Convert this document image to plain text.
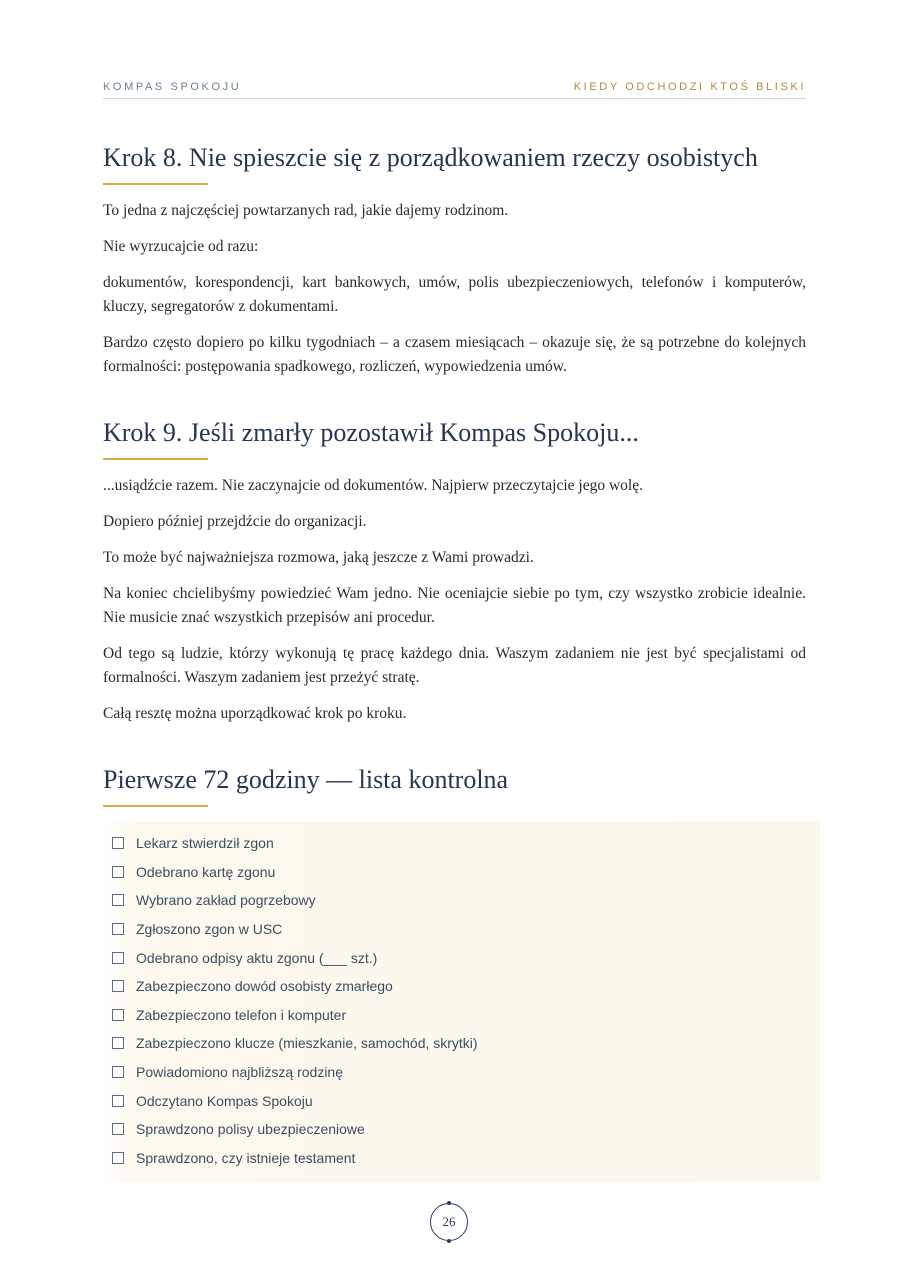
KOMPAS SPOKOJU	KIEDY ODCHODZI KTOŚ BLISKI
Krok 8. Nie spieszcie się z porządkowaniem rzeczy osobistych

To jedna z najczęściej powtarzanych rad, jakie dajemy rodzinom.

Nie wyrzucajcie od razu:

dokumentów, korespondencji, kart bankowych, umów, polis ubezpieczeniowych, telefonów i komputerów, kluczy, segregatorów z dokumentami.

Bardzo często dopiero po kilku tygodniach – a czasem miesiącach – okazuje się, że są potrzebne do kolejnych formalności: postępowania spadkowego, rozliczeń, wypowiedzenia umów.

Krok 9. Jeśli zmarły pozostawił Kompas Spokoju...

...usiądźcie razem. Nie zaczynajcie od dokumentów. Najpierw przeczytajcie jego wolę.

Dopiero później przejdźcie do organizacji.

To może być najważniejsza rozmowa, jaką jeszcze z Wami prowadzi.

Na koniec chcielibyśmy powiedzieć Wam jedno. Nie oceniajcie siebie po tym, czy wszystko zrobicie idealnie. Nie musicie znać wszystkich przepisów ani procedur.

Od tego są ludzie, którzy wykonują tę pracę każdego dnia. Waszym zadaniem nie jest być specjalistami od formalności. Waszym zadaniem jest przeżyć stratę.

Całą resztę można uporządkować krok po kroku.

Pierwsze 72 godziny — lista kontrolna
Lekarz stwierdził zgon
Odebrano kartę zgonu
Wybrano zakład pogrzebowy
Zgłoszono zgon w USC
Odebrano odpisy aktu zgonu (___ szt.)
Zabezpieczono dowód osobisty zmarłego
Zabezpieczono telefon i komputer
Zabezpieczono klucze (mieszkanie, samochód, skrytki)
Powiadomiono najbliższą rodzinę
Odczytano Kompas Spokoju
Sprawdzono polisy ubezpieczeniowe
Sprawdzono, czy istnieje testament
26
